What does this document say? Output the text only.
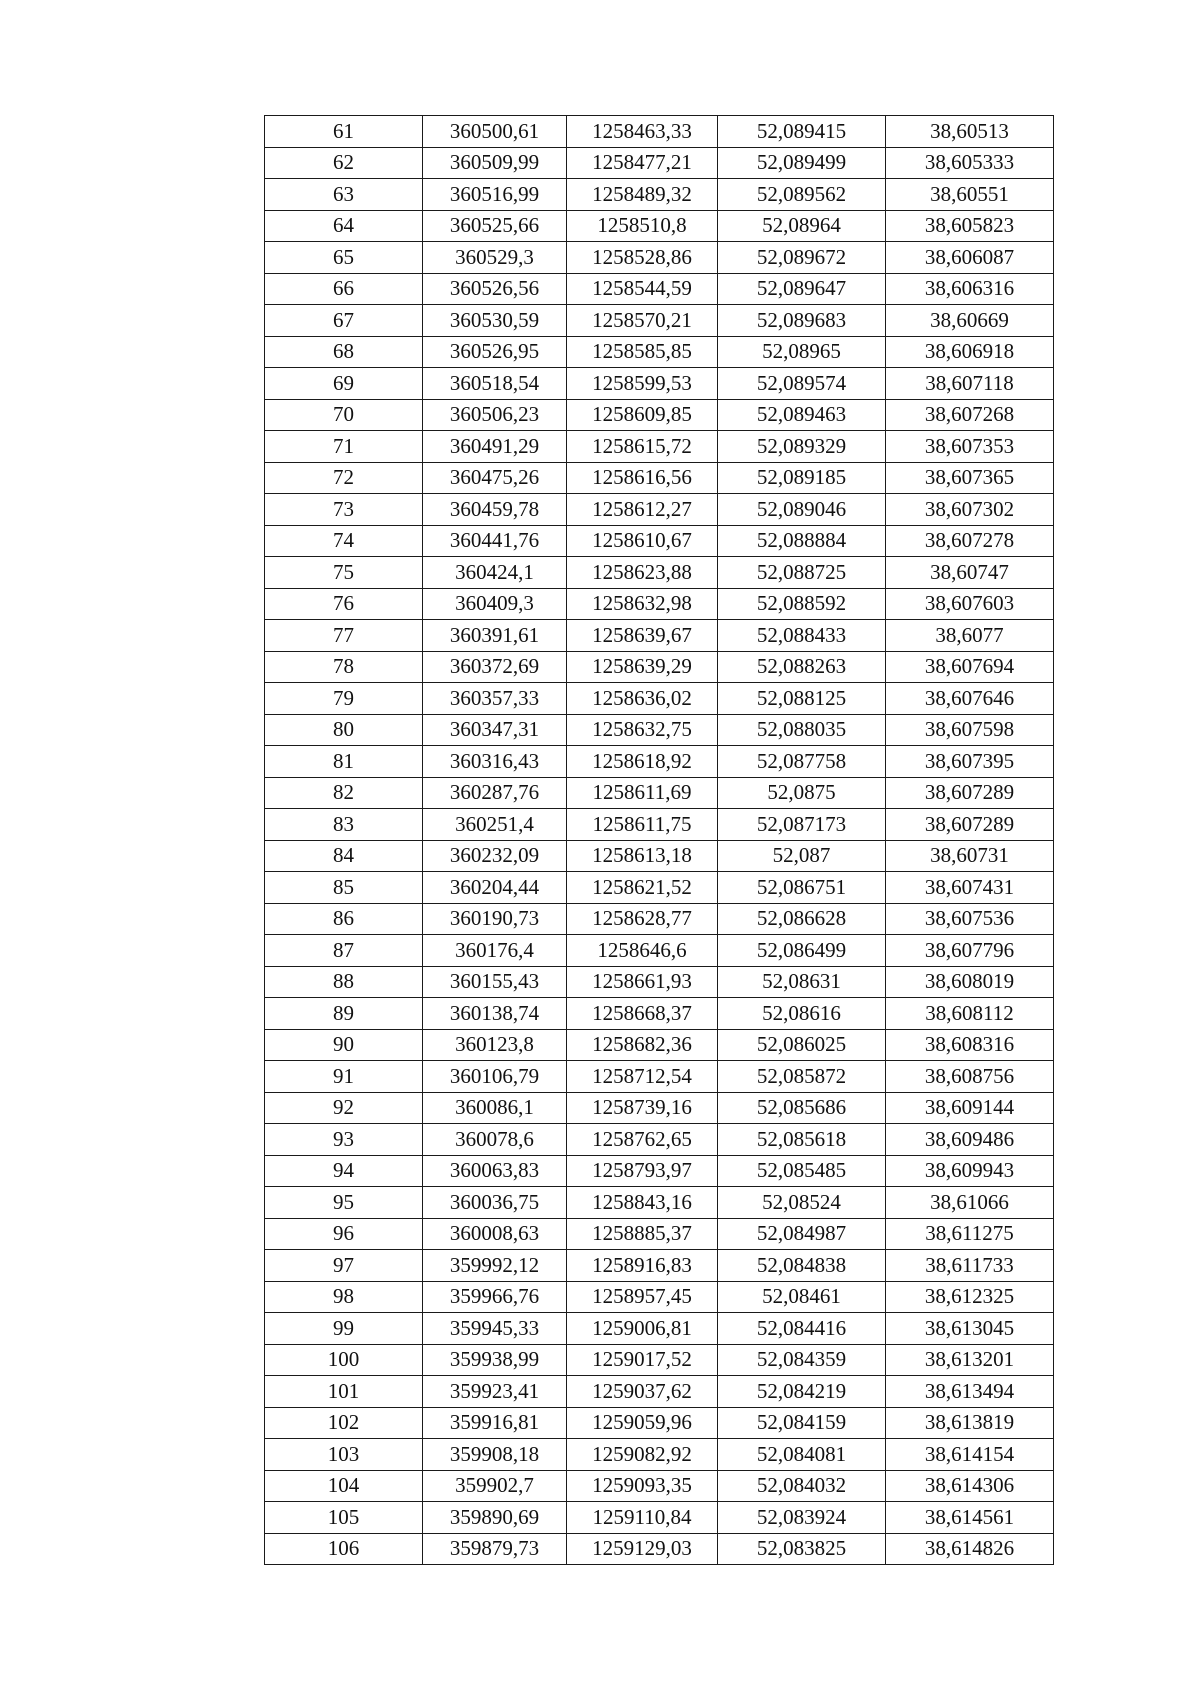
61	360500,61	1258463,33	52,089415	38,60513
62	360509,99	1258477,21	52,089499	38,605333
63	360516,99	1258489,32	52,089562	38,60551
64	360525,66	1258510,8	52,08964	38,605823
65	360529,3	1258528,86	52,089672	38,606087
66	360526,56	1258544,59	52,089647	38,606316
67	360530,59	1258570,21	52,089683	38,60669
68	360526,95	1258585,85	52,08965	38,606918
69	360518,54	1258599,53	52,089574	38,607118
70	360506,23	1258609,85	52,089463	38,607268
71	360491,29	1258615,72	52,089329	38,607353
72	360475,26	1258616,56	52,089185	38,607365
73	360459,78	1258612,27	52,089046	38,607302
74	360441,76	1258610,67	52,088884	38,607278
75	360424,1	1258623,88	52,088725	38,60747
76	360409,3	1258632,98	52,088592	38,607603
77	360391,61	1258639,67	52,088433	38,6077
78	360372,69	1258639,29	52,088263	38,607694
79	360357,33	1258636,02	52,088125	38,607646
80	360347,31	1258632,75	52,088035	38,607598
81	360316,43	1258618,92	52,087758	38,607395
82	360287,76	1258611,69	52,0875	38,607289
83	360251,4	1258611,75	52,087173	38,607289
84	360232,09	1258613,18	52,087	38,60731
85	360204,44	1258621,52	52,086751	38,607431
86	360190,73	1258628,77	52,086628	38,607536
87	360176,4	1258646,6	52,086499	38,607796
88	360155,43	1258661,93	52,08631	38,608019
89	360138,74	1258668,37	52,08616	38,608112
90	360123,8	1258682,36	52,086025	38,608316
91	360106,79	1258712,54	52,085872	38,608756
92	360086,1	1258739,16	52,085686	38,609144
93	360078,6	1258762,65	52,085618	38,609486
94	360063,83	1258793,97	52,085485	38,609943
95	360036,75	1258843,16	52,08524	38,61066
96	360008,63	1258885,37	52,084987	38,611275
97	359992,12	1258916,83	52,084838	38,611733
98	359966,76	1258957,45	52,08461	38,612325
99	359945,33	1259006,81	52,084416	38,613045
100	359938,99	1259017,52	52,084359	38,613201
101	359923,41	1259037,62	52,084219	38,613494
102	359916,81	1259059,96	52,084159	38,613819
103	359908,18	1259082,92	52,084081	38,614154
104	359902,7	1259093,35	52,084032	38,614306
105	359890,69	1259110,84	52,083924	38,614561
106	359879,73	1259129,03	52,083825	38,614826
